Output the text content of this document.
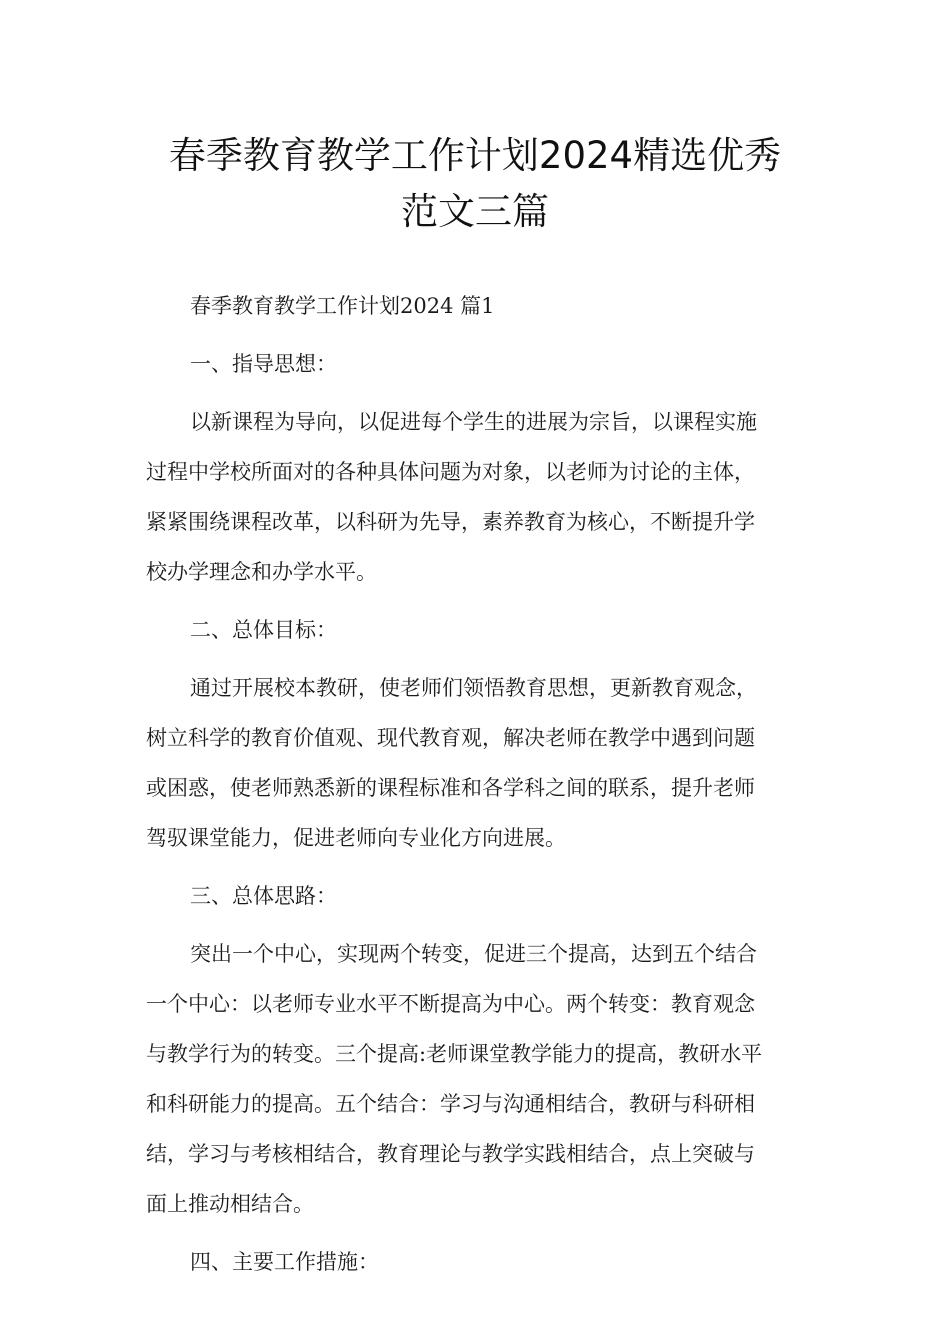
春季教育教学工作计划2024精选优秀
范文三篇

春季教育教学工作计划2024 篇1

一、指导思想：

以新课程为导向，以促进每个学生的进展为宗旨，以课程实施
过程中学校所面对的各种具体问题为对象，以老师为讨论的主体，
紧紧围绕课程改革，以科研为先导，素养教育为核心，不断提升学
校办学理念和办学水平。

二、总体目标：

通过开展校本教研，使老师们领悟教育思想，更新教育观念，
树立科学的教育价值观、现代教育观，解决老师在教学中遇到问题
或困惑，使老师熟悉新的课程标准和各学科之间的联系，提升老师
驾驭课堂能力，促进老师向专业化方向进展。

三、总体思路：

突出一个中心，实现两个转变，促进三个提高，达到五个结合
一个中心：以老师专业水平不断提高为中心。两个转变：教育观念
与教学行为的转变。三个提高:老师课堂教学能力的提高，教研水平
和科研能力的提高。五个结合：学习与沟通相结合，教研与科研相
结，学习与考核相结合，教育理论与教学实践相结合，点上突破与
面上推动相结合。

四、主要工作措施：
